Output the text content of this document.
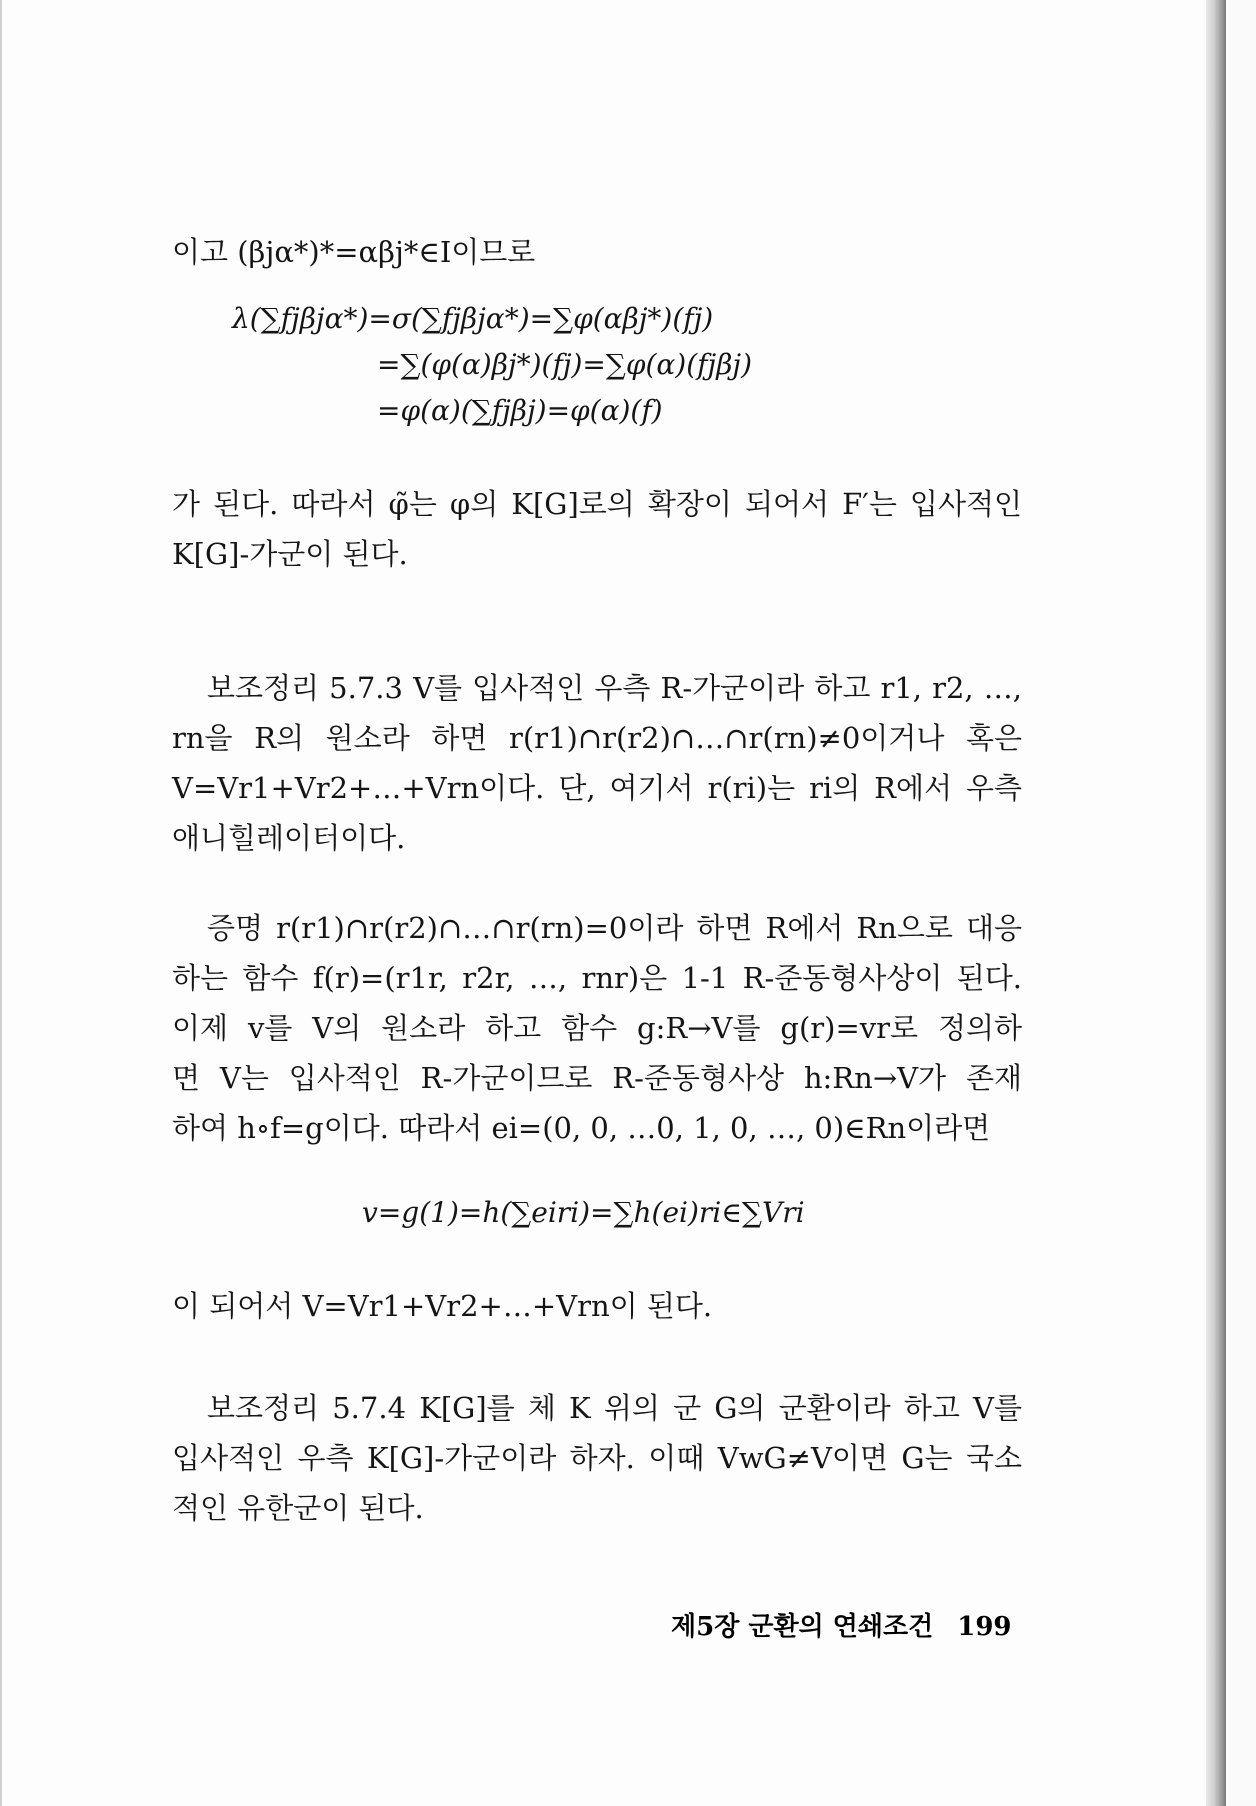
이고 (βjα*)*=αβj*∈I이므로
λ(∑fjβjα*)=σ(∑fjβjα*)=∑φ(αβj*)(fj)
=∑(φ(α)βj*)(fj)=∑φ(α)(fjβj)
=φ(α)(∑fjβj)=φ(α)(f)
가 된다. 따라서 φ̃는 φ의 K[G]로의 확장이 되어서 F′는 입사적인
K[G]-가군이 된다.
보조정리 5.7.3 V를 입사적인 우측 R-가군이라 하고 r1, r2, …,
rn을 R의 원소라 하면 r(r1)∩r(r2)∩…∩r(rn)≠0이거나 혹은
V=Vr1+Vr2+…+Vrn이다. 단, 여기서 r(ri)는 ri의 R에서 우측
애니힐레이터이다.
증명 r(r1)∩r(r2)∩…∩r(rn)=0이라 하면 R에서 Rn으로 대응
하는 함수 f(r)=(r1r, r2r, …, rnr)은 1-1 R-준동형사상이 된다.
이제 v를 V의 원소라 하고 함수 g:R→V를 g(r)=vr로 정의하
면 V는 입사적인 R-가군이므로 R-준동형사상 h:Rn→V가 존재
하여 h∘f=g이다. 따라서 ei=(0, 0, …0, 1, 0, …, 0)∈Rn이라면
v=g(1)=h(∑eiri)=∑h(ei)ri∈∑Vri
이 되어서 V=Vr1+Vr2+…+Vrn이 된다.
보조정리 5.7.4 K[G]를 체 K 위의 군 G의 군환이라 하고 V를
입사적인 우측 K[G]-가군이라 하자. 이때 VwG≠V이면 G는 국소
적인 유한군이 된다.
제5장 군환의 연쇄조건 199
